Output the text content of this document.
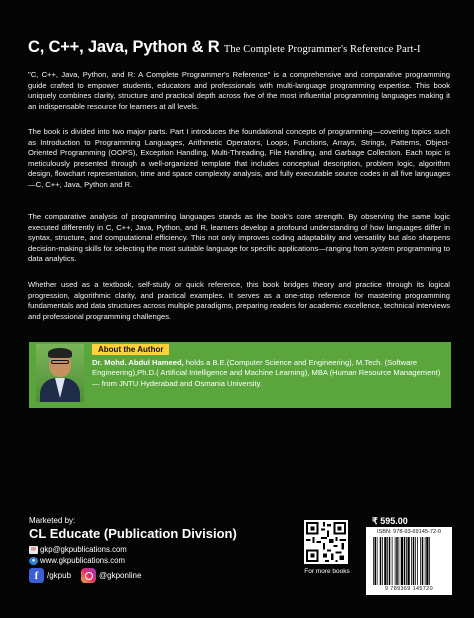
C, C++, Java, Python & R The Complete Programmer's Reference Part-I

"C, C++, Java, Python, and R: A Complete Programmer's Reference" is a comprehensive and comparative programming guide crafted to empower students, educators and professionals with multi-language programming expertise. This book uniquely combines clarity, structure and practical depth across five of the most influential programming languages making it an indispensable resource for learners at all levels.

The book is divided into two major parts. Part I introduces the foundational concepts of programming—covering topics such as Introduction to Programming Languages, Arithmetic Operators, Loops, Functions, Arrays, Strings, Patterns, Object-Oriented Programming (OOPS), Exception Handling, Multi-Threading, File Handling, and Garbage Collection. Each topic is meticulously presented through a well-organized template that includes conceptual description, problem logic, algorithm design, flowchart representation, time and space complexity analysis, and fully executable source codes in all five languages—C, C++, Java, Python and R.

The comparative analysis of programming languages stands as the book's core strength. By observing the same logic executed differently in C, C++, Java, Python, and R, learners develop a profound understanding of how languages differ in syntax, structure, and computational efficiency. This not only improves coding adaptability and versatility but also sharpens decision-making skills for selecting the most suitable language for specific applications—ranging from system programming to data analytics.

Whether used as a textbook, self-study or quick reference, this book bridges theory and practice through its logical progression, algorithmic clarity, and practical examples. It serves as a one-stop reference for mastering programming fundamentals and data structures across multiple paradigms, preparing readers for academic excellence, technical interviews and professional programming challenges.

About the Author

Dr. Mohd. Abdul Hameed, holds a B.E.(Computer Science and Engineering), M.Tech. (Software Engineering),Ph.D.( Artificial Intelligence and Machine Learning), MBA (Human Resource Management) — from JNTU Hyderabad and Osmania University.

Marketed by:
CL Educate (Publication Division)
✉ gkp@gkpublications.com
● www.gkpublications.com
f	/gkpub	@gkponline	For more books
₹ 595.00
ISBN: 978-93-69145-72-0
9 789369 145720
